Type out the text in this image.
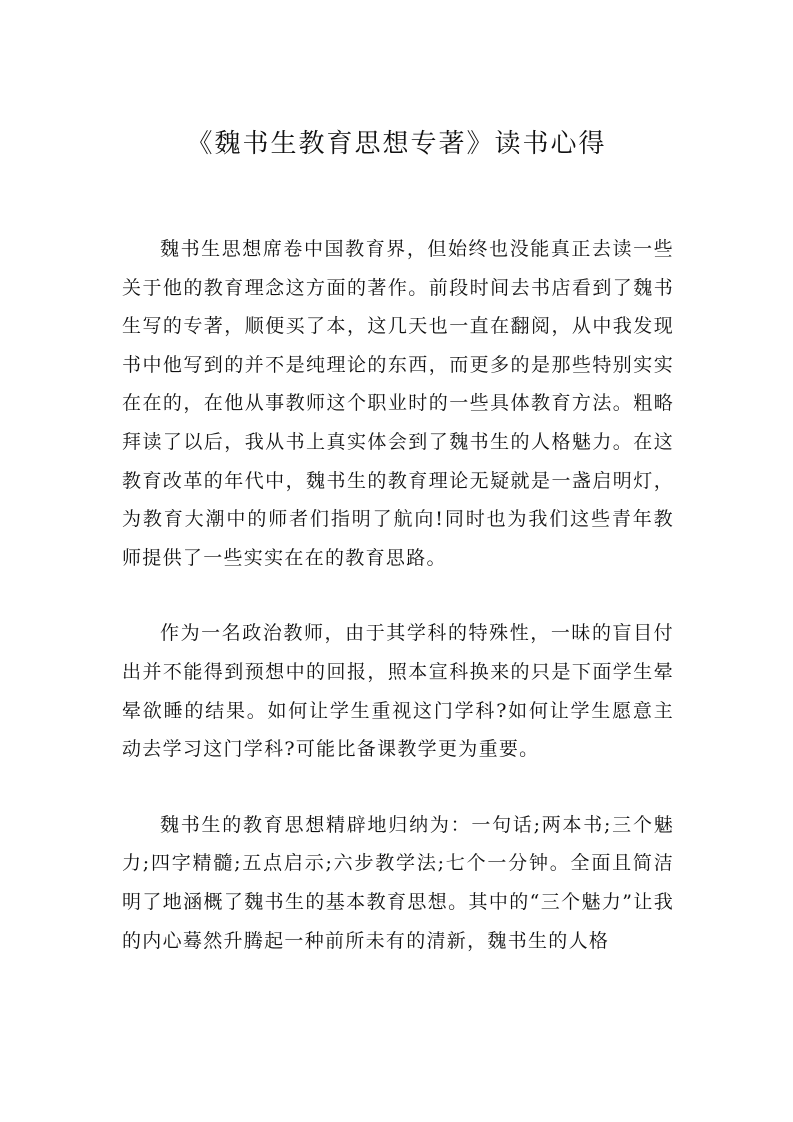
《魏书生教育思想专著》读书心得

魏书生思想席卷中国教育界，但始终也没能真正去读一些关于他的教育理念这方面的著作。前段时间去书店看到了魏书生写的专著，顺便买了本，这几天也一直在翻阅，从中我发现书中他写到的并不是纯理论的东西，而更多的是那些特别实实在在的，在他从事教师这个职业时的一些具体教育方法。粗略拜读了以后，我从书上真实体会到了魏书生的人格魅力。在这教育改革的年代中，魏书生的教育理论无疑就是一盏启明灯，为教育大潮中的师者们指明了航向!同时也为我们这些青年教师提供了一些实实在在的教育思路。

作为一名政治教师，由于其学科的特殊性，一昧的盲目付出并不能得到预想中的回报，照本宣科换来的只是下面学生晕晕欲睡的结果。如何让学生重视这门学科?如何让学生愿意主动去学习这门学科?可能比备课教学更为重要。

魏书生的教育思想精辟地归纳为：一句话;两本书;三个魅力;四字精髓;五点启示;六步教学法;七个一分钟。全面且简洁明了地涵概了魏书生的基本教育思想。其中的“三个魅力”让我的内心蓦然升腾起一种前所未有的清新，魏书生的人格
